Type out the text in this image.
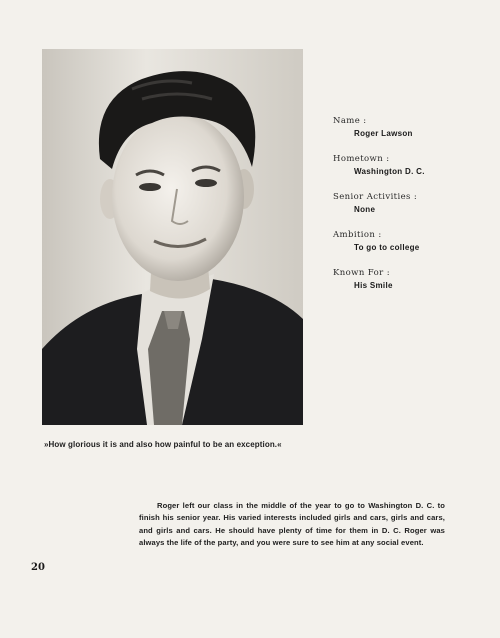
Name :
Roger Lawson
Hometown :
Washington D. C.
Senior Activities :
None
Ambition :
To go to college
Known For :
His Smile
»How glorious it is and also how painful to be an exception.«
Roger left our class in the middle of the year to go to Washington D. C. to finish his senior year. His varied interests included girls and cars, girls and cars, and girls and cars. He should have plenty of time for them in D. C. Roger was always the life of the party, and you were sure to see him at any social event.
20
